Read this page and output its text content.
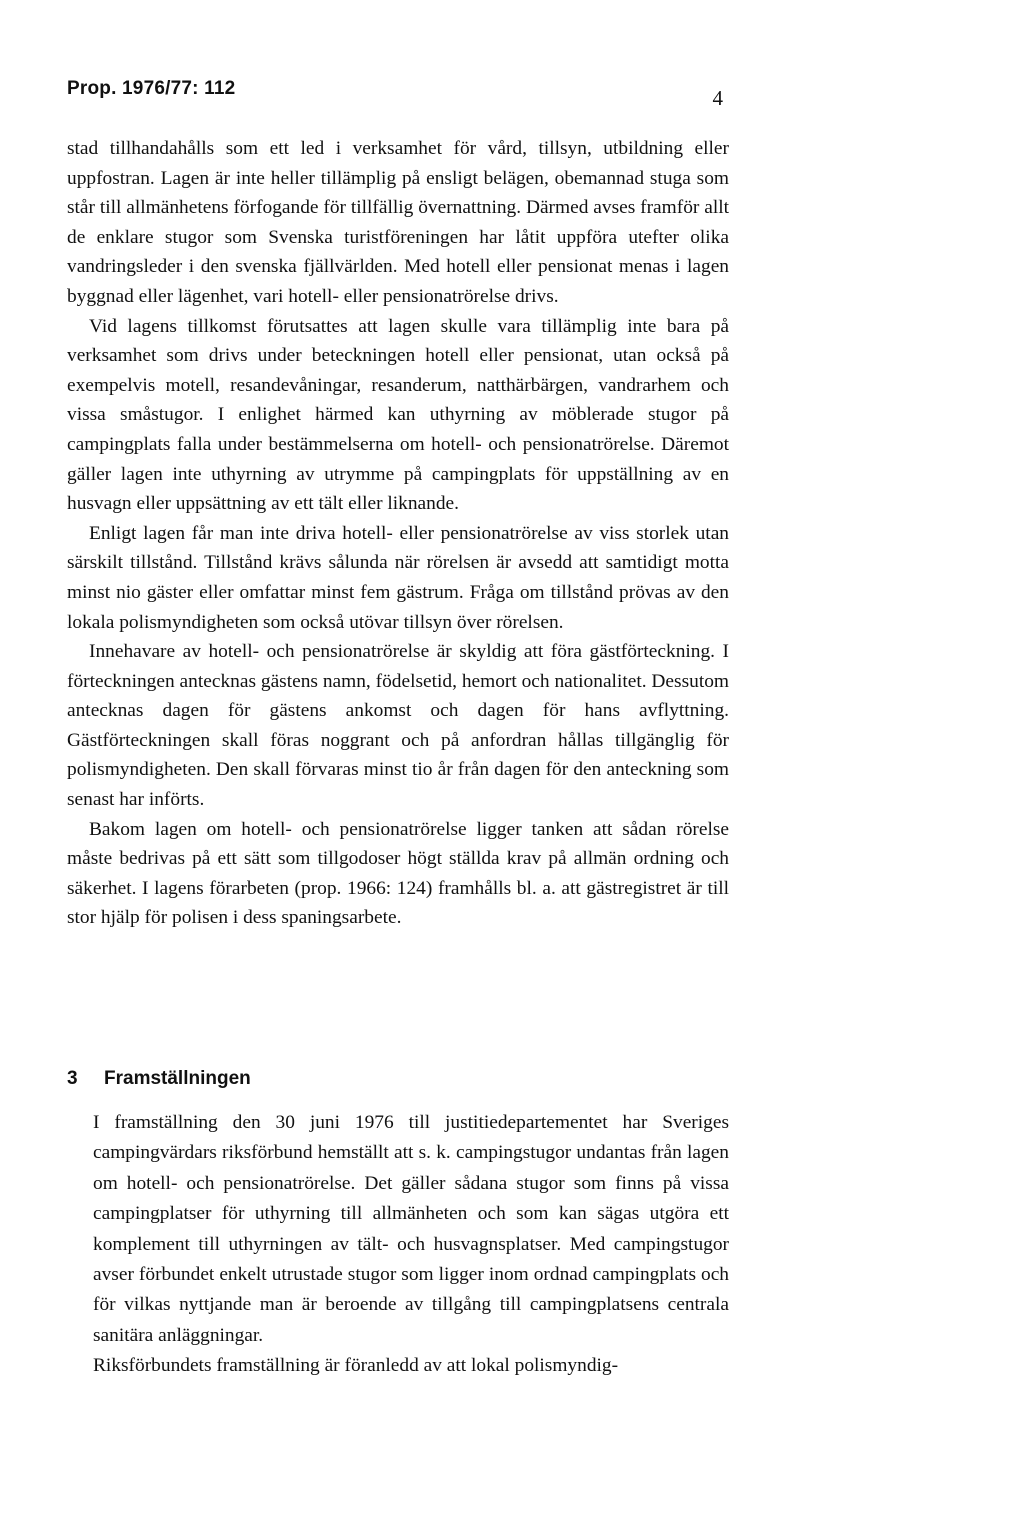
Prop. 1976/77: 112	4

stad tillhandahålls som ett led i verksamhet för vård, tillsyn, utbildning eller uppfostran. Lagen är inte heller tillämplig på ensligt belägen, obemannad stuga som står till allmänhetens förfogande för tillfällig övernattning. Därmed avses framför allt de enklare stugor som Svenska turistföreningen har låtit uppföra utefter olika vandringsleder i den svenska fjällvärlden. Med hotell eller pensionat menas i lagen byggnad eller lägenhet, vari hotell- eller pensionatrörelse drivs.

Vid lagens tillkomst förutsattes att lagen skulle vara tillämplig inte bara på verksamhet som drivs under beteckningen hotell eller pensionat, utan också på exempelvis motell, resandevåningar, resanderum, natthärbärgen, vandrarhem och vissa småstugor. I enlighet härmed kan uthyrning av möblerade stugor på campingplats falla under bestämmelserna om hotell- och pensionatrörelse. Däremot gäller lagen inte uthyrning av utrymme på campingplats för uppställning av en husvagn eller uppsättning av ett tält eller liknande.

Enligt lagen får man inte driva hotell- eller pensionatrörelse av viss storlek utan särskilt tillstånd. Tillstånd krävs sålunda när rörelsen är avsedd att samtidigt motta minst nio gäster eller omfattar minst fem gästrum. Fråga om tillstånd prövas av den lokala polismyndigheten som också utövar tillsyn över rörelsen.

Innehavare av hotell- och pensionatrörelse är skyldig att föra gästförteckning. I förteckningen antecknas gästens namn, födelsetid, hemort och nationalitet. Dessutom antecknas dagen för gästens ankomst och dagen för hans avflyttning. Gästförteckningen skall föras noggrant och på anfordran hållas tillgänglig för polismyndigheten. Den skall förvaras minst tio år från dagen för den anteckning som senast har införts.

Bakom lagen om hotell- och pensionatrörelse ligger tanken att sådan rörelse måste bedrivas på ett sätt som tillgodoser högt ställda krav på allmän ordning och säkerhet. I lagens förarbeten (prop. 1966: 124) framhålls bl. a. att gästregistret är till stor hjälp för polisen i dess spaningsarbete.

3 Framställningen

I framställning den 30 juni 1976 till justitiedepartementet har Sveriges campingvärdars riksförbund hemställt att s. k. campingstugor undantas från lagen om hotell- och pensionatrörelse. Det gäller sådana stugor som finns på vissa campingplatser för uthyrning till allmänheten och som kan sägas utgöra ett komplement till uthyrningen av tält- och husvagnsplatser. Med campingstugor avser förbundet enkelt utrustade stugor som ligger inom ordnad campingplats och för vilkas nyttjande man är beroende av tillgång till campingplatsens centrala sanitära anläggningar.

Riksförbundets framställning är föranledd av att lokal polismyndig-
